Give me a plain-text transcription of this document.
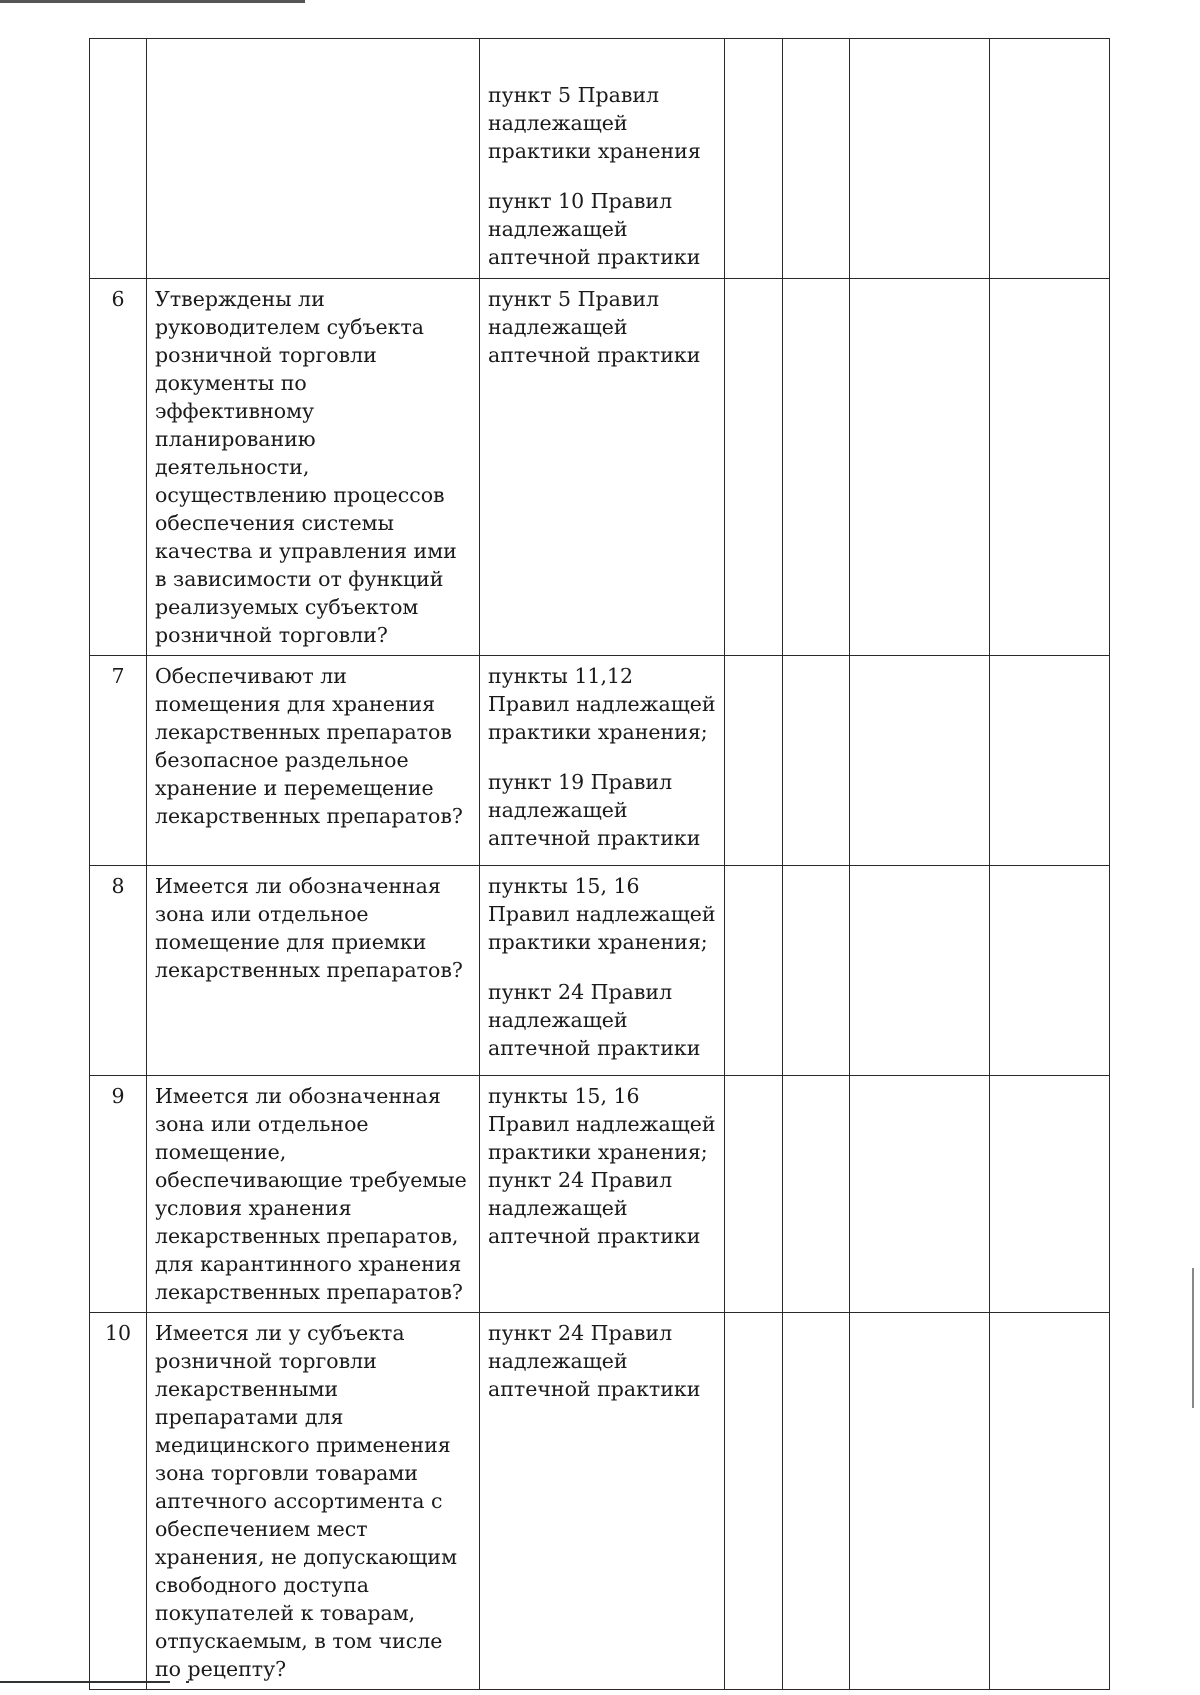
		пункт 5 Правил надлежащей практики хранения
пункт 10 Правил надлежащей аптечной практики				

6	Утверждены ли руководителем субъекта розничной торговли документы по эффективному планированию деятельности, осуществлению процессов обеспечения системы качества и управления ими в зависимости от функций реализуемых субъектом розничной торговли?	пункт 5 Правил надлежащей аптечной практики				

7	Обеспечивают ли помещения для хранения лекарственных препаратов безопасное раздельное хранение и перемещение лекарственных препаратов?	пункты 11,12 Правил надлежащей практики хранения;
пункт 19 Правил надлежащей аптечной практики				

8	Имеется ли обозначенная зона или отдельное помещение для приемки лекарственных препаратов?	пункты 15, 16 Правил надлежащей практики хранения;
пункт 24 Правил надлежащей аптечной практики				

9	Имеется ли обозначенная зона или отдельное помещение, обеспечивающие требуемые условия хранения лекарственных препаратов, для карантинного хранения лекарственных препаратов?	пункты 15, 16 Правил надлежащей практики хранения;
пункт 24 Правил надлежащей аптечной практики				

10	Имеется ли у субъекта розничной торговли лекарственными препаратами для медицинского применения зона торговли товарами аптечного ассортимента с обеспечением мест хранения, не допускающим свободного доступа покупателей к товарам, отпускаемым, в том числе по рецепту?	пункт 24 Правил надлежащей аптечной практики				
